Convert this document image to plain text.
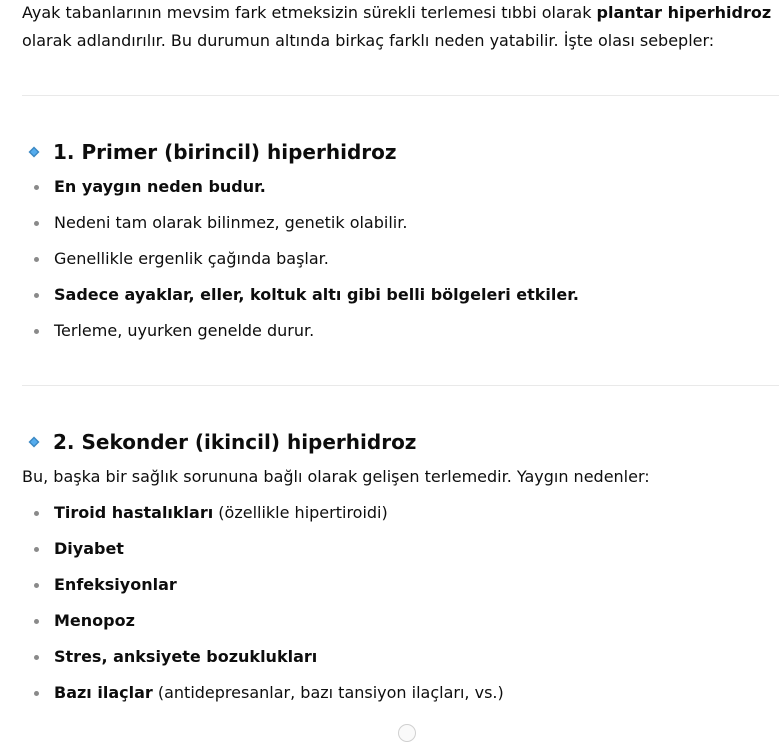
Ayak tabanlarının mevsim fark etmeksizin sürekli terlemesi tıbbi olarak plantar hiperhidroz olarak adlandırılır. Bu durumun altında birkaç farklı neden yatabilir. İşte olası sebepler:

1. Primer (birincil) hiperhidroz
En yaygın neden budur.
Nedeni tam olarak bilinmez, genetik olabilir.
Genellikle ergenlik çağında başlar.
Sadece ayaklar, eller, koltuk altı gibi belli bölgeleri etkiler.
Terleme, uyurken genelde durur.
2. Sekonder (ikincil) hiperhidroz

Bu, başka bir sağlık sorununa bağlı olarak gelişen terlemedir. Yaygın nedenler:

Tiroid hastalıkları (özellikle hipertiroidi)
Diyabet
Enfeksiyonlar
Menopoz
Stres, anksiyete bozuklukları
Bazı ilaçlar (antidepresanlar, bazı tansiyon ilaçları, vs.)
